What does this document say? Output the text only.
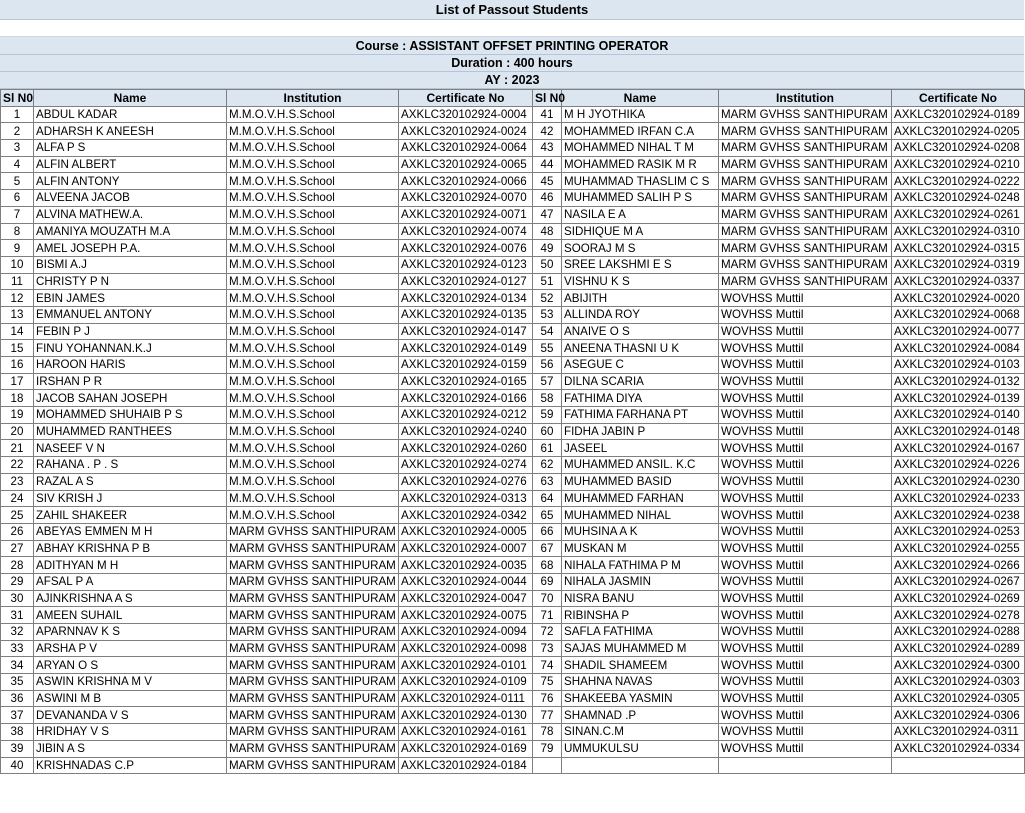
List of Passout Students
Course : ASSISTANT OFFSET PRINTING OPERATOR
Duration : 400 hours
AY : 2023
Sl N0	Name	Institution	Certificate No	Sl N0	Name	Institution	Certificate No
1	ABDUL KADAR	M.M.O.V.H.S.School	AXKLC320102924-0004	41	M H JYOTHIKA	MARM GVHSS SANTHIPURAM	AXKLC320102924-0189
2	ADHARSH K ANEESH	M.M.O.V.H.S.School	AXKLC320102924-0024	42	MOHAMMED IRFAN C.A	MARM GVHSS SANTHIPURAM	AXKLC320102924-0205
3	ALFA P S	M.M.O.V.H.S.School	AXKLC320102924-0064	43	MOHAMMED NIHAL T M	MARM GVHSS SANTHIPURAM	AXKLC320102924-0208
4	ALFIN ALBERT	M.M.O.V.H.S.School	AXKLC320102924-0065	44	MOHAMMED RASIK M R	MARM GVHSS SANTHIPURAM	AXKLC320102924-0210
5	ALFIN ANTONY	M.M.O.V.H.S.School	AXKLC320102924-0066	45	MUHAMMAD THASLIM C S	MARM GVHSS SANTHIPURAM	AXKLC320102924-0222
6	ALVEENA JACOB	M.M.O.V.H.S.School	AXKLC320102924-0070	46	MUHAMMED SALIH P S	MARM GVHSS SANTHIPURAM	AXKLC320102924-0248
7	ALVINA MATHEW.A.	M.M.O.V.H.S.School	AXKLC320102924-0071	47	NASILA E A	MARM GVHSS SANTHIPURAM	AXKLC320102924-0261
8	AMANIYA MOUZATH M.A	M.M.O.V.H.S.School	AXKLC320102924-0074	48	SIDHIQUE M A	MARM GVHSS SANTHIPURAM	AXKLC320102924-0310
9	AMEL JOSEPH P.A.	M.M.O.V.H.S.School	AXKLC320102924-0076	49	SOORAJ M S	MARM GVHSS SANTHIPURAM	AXKLC320102924-0315
10	BISMI A.J	M.M.O.V.H.S.School	AXKLC320102924-0123	50	SREE LAKSHMI E S	MARM GVHSS SANTHIPURAM	AXKLC320102924-0319
11	CHRISTY P N	M.M.O.V.H.S.School	AXKLC320102924-0127	51	VISHNU K S	MARM GVHSS SANTHIPURAM	AXKLC320102924-0337
12	EBIN JAMES	M.M.O.V.H.S.School	AXKLC320102924-0134	52	ABIJITH	WOVHSS Muttil	AXKLC320102924-0020
13	EMMANUEL ANTONY	M.M.O.V.H.S.School	AXKLC320102924-0135	53	ALLINDA ROY	WOVHSS Muttil	AXKLC320102924-0068
14	FEBIN P J	M.M.O.V.H.S.School	AXKLC320102924-0147	54	ANAIVE O S	WOVHSS Muttil	AXKLC320102924-0077
15	FINU YOHANNAN.K.J	M.M.O.V.H.S.School	AXKLC320102924-0149	55	ANEENA THASNI U K	WOVHSS Muttil	AXKLC320102924-0084
16	HAROON HARIS	M.M.O.V.H.S.School	AXKLC320102924-0159	56	ASEGUE C	WOVHSS Muttil	AXKLC320102924-0103
17	IRSHAN P R	M.M.O.V.H.S.School	AXKLC320102924-0165	57	DILNA SCARIA	WOVHSS Muttil	AXKLC320102924-0132
18	JACOB SAHAN JOSEPH	M.M.O.V.H.S.School	AXKLC320102924-0166	58	FATHIMA DIYA	WOVHSS Muttil	AXKLC320102924-0139
19	MOHAMMED SHUHAIB P S	M.M.O.V.H.S.School	AXKLC320102924-0212	59	FATHIMA FARHANA PT	WOVHSS Muttil	AXKLC320102924-0140
20	MUHAMMED RANTHEES	M.M.O.V.H.S.School	AXKLC320102924-0240	60	FIDHA JABIN P	WOVHSS Muttil	AXKLC320102924-0148
21	NASEEF V N	M.M.O.V.H.S.School	AXKLC320102924-0260	61	JASEEL	WOVHSS Muttil	AXKLC320102924-0167
22	RAHANA . P . S	M.M.O.V.H.S.School	AXKLC320102924-0274	62	MUHAMMED ANSIL. K.C	WOVHSS Muttil	AXKLC320102924-0226
23	RAZAL A S	M.M.O.V.H.S.School	AXKLC320102924-0276	63	MUHAMMED BASID	WOVHSS Muttil	AXKLC320102924-0230
24	SIV KRISH J	M.M.O.V.H.S.School	AXKLC320102924-0313	64	MUHAMMED FARHAN	WOVHSS Muttil	AXKLC320102924-0233
25	ZAHIL SHAKEER	M.M.O.V.H.S.School	AXKLC320102924-0342	65	MUHAMMED NIHAL	WOVHSS Muttil	AXKLC320102924-0238
26	ABEYAS EMMEN M H	MARM GVHSS SANTHIPURAM	AXKLC320102924-0005	66	MUHSINA A K	WOVHSS Muttil	AXKLC320102924-0253
27	ABHAY KRISHNA P B	MARM GVHSS SANTHIPURAM	AXKLC320102924-0007	67	MUSKAN M	WOVHSS Muttil	AXKLC320102924-0255
28	ADITHYAN M H	MARM GVHSS SANTHIPURAM	AXKLC320102924-0035	68	NIHALA FATHIMA P M	WOVHSS Muttil	AXKLC320102924-0266
29	AFSAL P A	MARM GVHSS SANTHIPURAM	AXKLC320102924-0044	69	NIHALA JASMIN	WOVHSS Muttil	AXKLC320102924-0267
30	AJINKRISHNA A S	MARM GVHSS SANTHIPURAM	AXKLC320102924-0047	70	NISRA BANU	WOVHSS Muttil	AXKLC320102924-0269
31	AMEEN SUHAIL	MARM GVHSS SANTHIPURAM	AXKLC320102924-0075	71	RIBINSHA P	WOVHSS Muttil	AXKLC320102924-0278
32	APARNNAV K S	MARM GVHSS SANTHIPURAM	AXKLC320102924-0094	72	SAFLA FATHIMA	WOVHSS Muttil	AXKLC320102924-0288
33	ARSHA P V	MARM GVHSS SANTHIPURAM	AXKLC320102924-0098	73	SAJAS MUHAMMED M	WOVHSS Muttil	AXKLC320102924-0289
34	ARYAN O S	MARM GVHSS SANTHIPURAM	AXKLC320102924-0101	74	SHADIL SHAMEEM	WOVHSS Muttil	AXKLC320102924-0300
35	ASWIN KRISHNA M V	MARM GVHSS SANTHIPURAM	AXKLC320102924-0109	75	SHAHNA NAVAS	WOVHSS Muttil	AXKLC320102924-0303
36	ASWINI M B	MARM GVHSS SANTHIPURAM	AXKLC320102924-0111	76	SHAKEEBA YASMIN	WOVHSS Muttil	AXKLC320102924-0305
37	DEVANANDA V S	MARM GVHSS SANTHIPURAM	AXKLC320102924-0130	77	SHAMNAD .P	WOVHSS Muttil	AXKLC320102924-0306
38	HRIDHAY V S	MARM GVHSS SANTHIPURAM	AXKLC320102924-0161	78	SINAN.C.M	WOVHSS Muttil	AXKLC320102924-0311
39	JIBIN A S	MARM GVHSS SANTHIPURAM	AXKLC320102924-0169	79	UMMUKULSU	WOVHSS Muttil	AXKLC320102924-0334
40	KRISHNADAS C.P	MARM GVHSS SANTHIPURAM	AXKLC320102924-0184				
